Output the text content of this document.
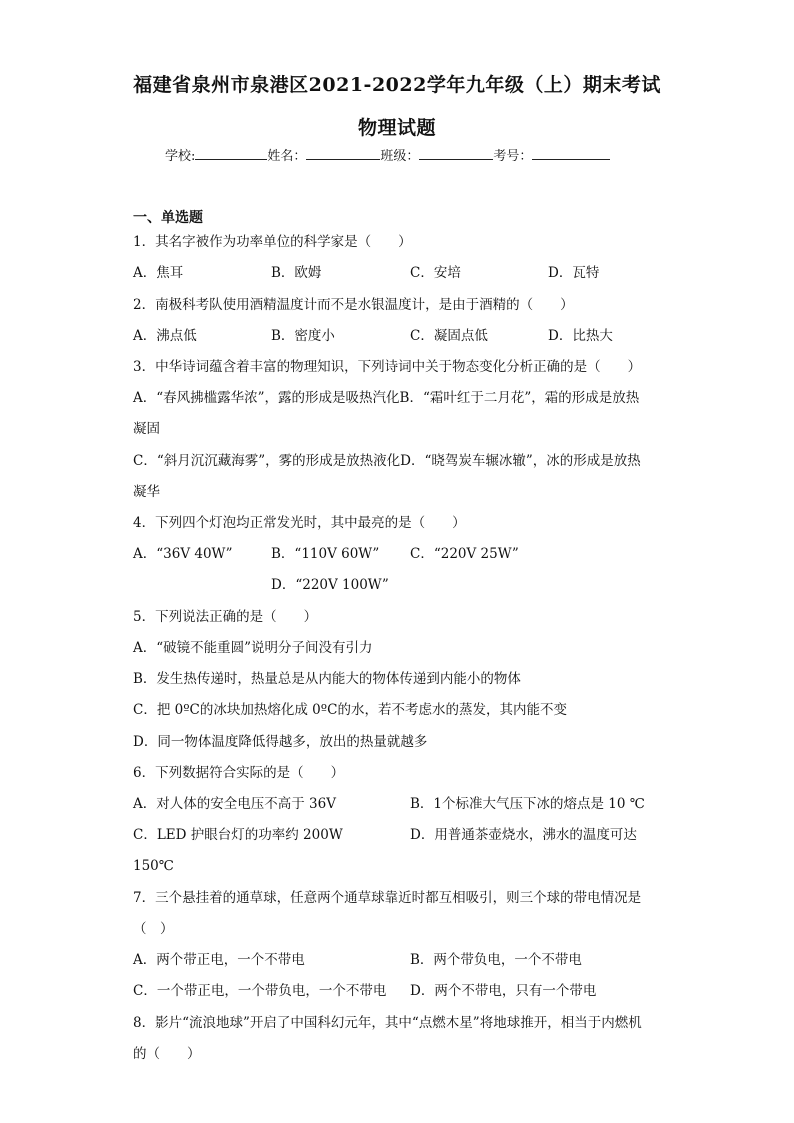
福建省泉州市泉港区2021-2022学年九年级（上）期末考试
物理试题
学校:	姓名：	班级：	考号：
一、单选题
1．其名字被作为功率单位的科学家是（　　）
A．焦耳	B．欧姆	C．安培	D．瓦特
2．南极科考队使用酒精温度计而不是水银温度计，是由于酒精的（　　）
A．沸点低	B．密度小	C．凝固点低	D．比热大
3．中华诗词蕴含着丰富的物理知识，下列诗词中关于物态变化分析正确的是（　　）
A．“春风拂槛露华浓”，露的形成是吸热汽化B．“霜叶红于二月花”，霜的形成是放热
凝固
C．“斜月沉沉藏海雾”，雾的形成是放热液化D．“晓驾炭车辗冰辙”，冰的形成是放热
凝华
4．下列四个灯泡均正常发光时，其中最亮的是（　　）
A．“36V 40W”	B．“110V 60W” C．“220V 25W”
D．“220V 100W”
5．下列说法正确的是（　　）
A．“破镜不能重圆”说明分子间没有引力
B．发生热传递时，热量总是从内能大的物体传递到内能小的物体
C．把 0ºC的冰块加热熔化成 0ºC的水，若不考虑水的蒸发，其内能不变
D．同一物体温度降低得越多，放出的热量就越多
6．下列数据符合实际的是（　　）
A．对人体的安全电压不高于 36V	B．1个标准大气压下冰的熔点是 10 ℃
C．LED 护眼台灯的功率约 200W	D．用普通茶壶烧水，沸水的温度可达
150℃
7．三个悬挂着的通草球，任意两个通草球靠近时都互相吸引，则三个球的带电情况是
（　）
A．两个带正电，一个不带电	B．两个带负电，一个不带电
C．一个带正电，一个带负电，一个不带电 D．两个不带电，只有一个带电
8．影片“流浪地球”开启了中国科幻元年，其中“点燃木星”将地球推开，相当于内燃机
的（　　）
